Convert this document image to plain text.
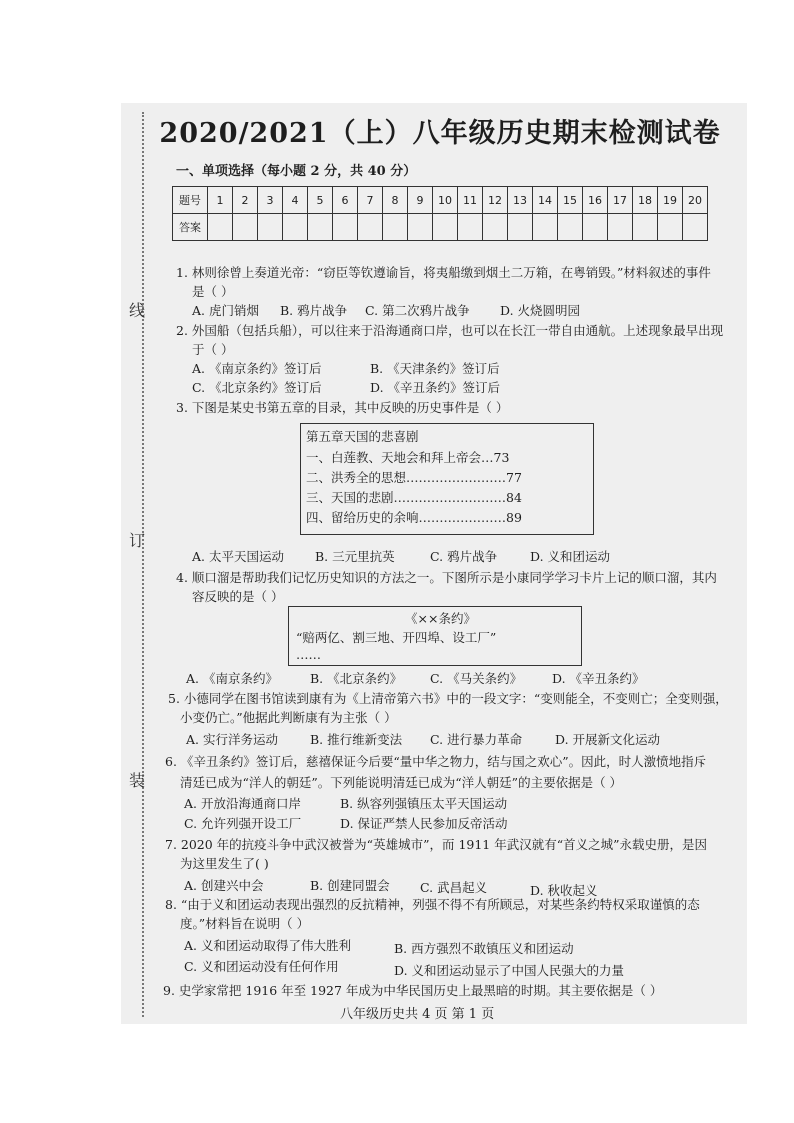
线
订
装
2020/2021（上）八年级历史期末检测试卷
一、单项选择（每小题 2 分，共 40 分）
题号	1	2	3	4	5	6	7	8	9	10	11	12	13	14	15	16	17	18	19	20
答案																				
1. 林则徐曾上奏道光帝：“窃臣等钦遵谕旨，将夷船缴到烟土二万箱，在粤销毁。”材料叙述的事件
是（ ）
A. 虎门销烟 B. 鸦片战争 C. 第二次鸦片战争 D. 火烧圆明园
2. 外国船（包括兵船），可以往来于沿海通商口岸，也可以在长江一带自由通航。上述现象最早出现
于（ ）
A. 《南京条约》签订后	B. 《天津条约》签订后
C. 《北京条约》签订后	D. 《辛丑条约》签订后
3. 下图是某史书第五章的目录，其中反映的历史事件是（ ）
第五章天国的悲喜剧
一、白莲教、天地会和拜上帝会…73
二、洪秀全的思想……………………77
三、天国的悲剧………………………84
四、留给历史的余响…………………89
A. 太平天国运动 B. 三元里抗英	C. 鸦片战争	D. 义和团运动
4. 顺口溜是帮助我们记忆历史知识的方法之一。下图所示是小康同学学习卡片上记的顺口溜，其内
容反映的是（ ）
《××条约》
“赔两亿、割三地、开四埠、设工厂”
……
A. 《南京条约》	B. 《北京条约》 C. 《马关条约》 D. 《辛丑条约》
5. 小德同学在图书馆读到康有为《上清帝第六书》中的一段文字：“变则能全，不变则亡；全变则强，
小变仍亡。”他据此判断康有为主张（ ）
A. 实行洋务运动	B. 推行维新变法 C. 进行暴力革命	D. 开展新文化运动
6. 《辛丑条约》签订后，慈禧保证今后要“量中华之物力，结与国之欢心”。因此，时人激愤地指斥
清廷已成为“洋人的朝廷”。下列能说明清廷已成为“洋人朝廷”的主要依据是（ ）
A. 开放沿海通商口岸	B. 纵容列强镇压太平天国运动
C. 允许列强开设工厂	D. 保证严禁人民参加反帝活动
7. 2020 年的抗疫斗争中武汉被誉为“英雄城市”，而 1911 年武汉就有“首义之城”永载史册，是因
为这里发生了( )
A. 创建兴中会	B. 创建同盟会 C. 武昌起义	D. 秋收起义
8. “由于义和团运动表现出强烈的反抗精神，列强不得不有所顾忌，对某些条约特权采取谨慎的态
度。”材料旨在说明（ ）
A. 义和团运动取得了伟大胜利	B. 西方强烈不敢镇压义和团运动
C. 义和团运动没有任何作用	D. 义和团运动显示了中国人民强大的力量
9. 史学家常把 1916 年至 1927 年成为中华民国历史上最黑暗的时期。其主要依据是（ ）
八年级历史共 4 页 第 1 页
